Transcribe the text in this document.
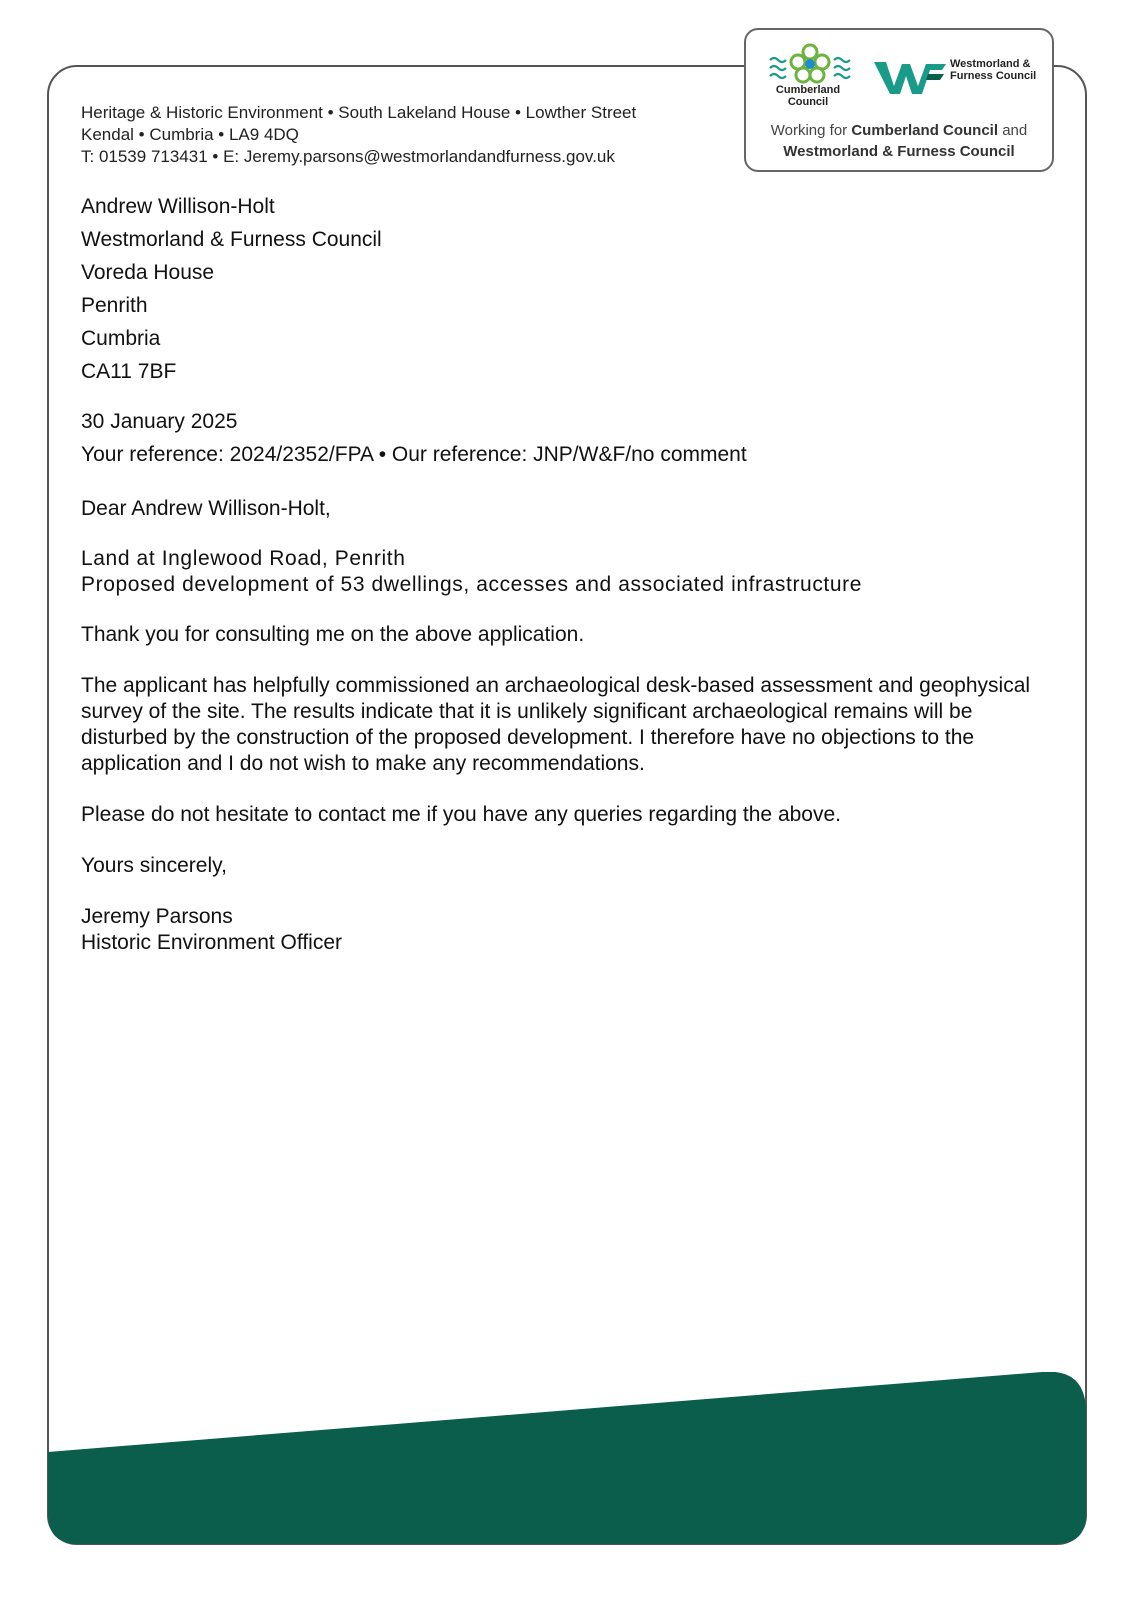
Cumberland Council
Westmorland & Furness Council
Working for Cumberland Council and
Westmorland & Furness Council
Heritage & Historic Environment • South Lakeland House • Lowther Street
Kendal • Cumbria • LA9 4DQ
T: 01539 713431 • E: Jeremy.parsons@westmorlandandfurness.gov.uk
Andrew Willison-Holt
Westmorland & Furness Council
Voreda House
Penrith
Cumbria
CA11 7BF
30 January 2025
Your reference: 2024/2352/FPA • Our reference: JNP/W&F/no comment
Dear Andrew Willison-Holt,
Land at Inglewood Road, Penrith
Proposed development of 53 dwellings, accesses and associated infrastructure
Thank you for consulting me on the above application.
The applicant has helpfully commissioned an archaeological desk-based assessment and geophysical survey of the site. The results indicate that it is unlikely significant archaeological remains will be disturbed by the construction of the proposed development. I therefore have no objections to the application and I do not wish to make any recommendations.
Please do not hesitate to contact me if you have any queries regarding the above.
Yours sincerely,
Jeremy Parsons
Historic Environment Officer
